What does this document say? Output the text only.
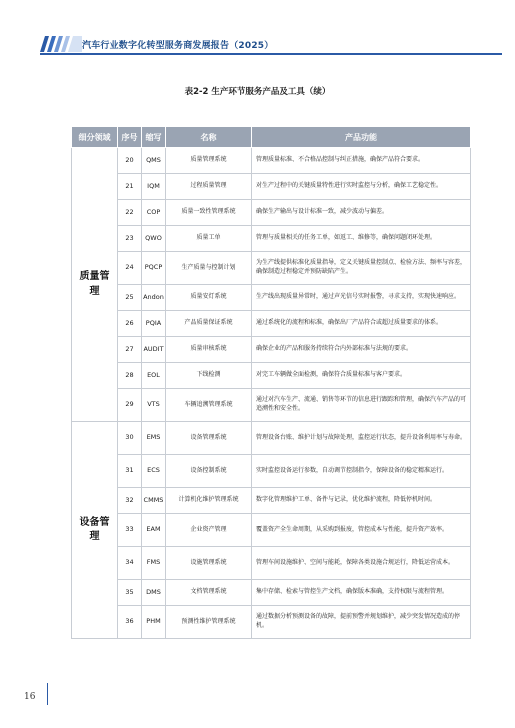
汽车行业数字化转型服务商发展报告（2025）
表2-2 生产环节服务产品及工具（续）
细分领域	序号	缩写	名称	产品功能
质量管理	20	QMS	质量管理系统	管理质量标准、不合格品控制与纠正措施，确保产品符合要求。
	21	IQM	过程质量管理	对生产过程中的关键质量特性进行实时监控与分析，确保工艺稳定性。
	22	COP	质量一致性管理系统	确保生产输出与设计标准一致，减少波动与偏差。
	23	QWO	质量工单	管理与质量相关的任务工单，如返工、维修等，确保问题闭环处理。
	24	PQCP	生产质量与控制计划	为生产线提供标准化质量指导，定义关键质量控制点、检验方法、频率与容差，确保制造过程稳定并预防缺陷产生。
	25	Andon	质量安灯系统	生产线出现质量异常时，通过声光信号实时报警，寻求支持，实现快速响应。
	26	PQIA	产品质量保证系统	通过系统化的流程和标准，确保出厂产品符合或超过质量要求的体系。
	27	AUDIT	质量审核系统	确保企业的产品和服务持续符合内外部标准与法规的要求。
	28	EOL	下线检测	对完工车辆做全面检测，确保符合质量标准与客户要求。
	29	VTS	车辆追溯管理系统	通过对汽车生产、流通、销售等环节的信息进行跟踪和管理，确保汽车产品的可追溯性和安全性。
设备管理	30	EMS	设备管理系统	管理设备台账、维护计划与故障处理，监控运行状态，提升设备利用率与寿命。
	31	ECS	设备控制系统	实时监控设备运行参数，自动调节控制指令，保障设备的稳定精准运行。
	32	CMMS	计算机化维护管理系统	数字化管理维护工单、备件与记录，优化维护流程，降低停机时间。
	33	EAM	企业资产管理	覆盖资产全生命周期，从采购到报废，管控成本与性能，提升资产效率。
	34	FMS	设施管理系统	管理车间设施维护、空间与能耗，保障各类设施合规运行，降低运营成本。
	35	DMS	文档管理系统	集中存储、检索与管控生产文档，确保版本准确，支持权限与流程管理。
	36	PHM	预测性维护管理系统	通过数据分析预测设备的故障，提前预警并规划维护，减少突发情况造成的停机。
16
